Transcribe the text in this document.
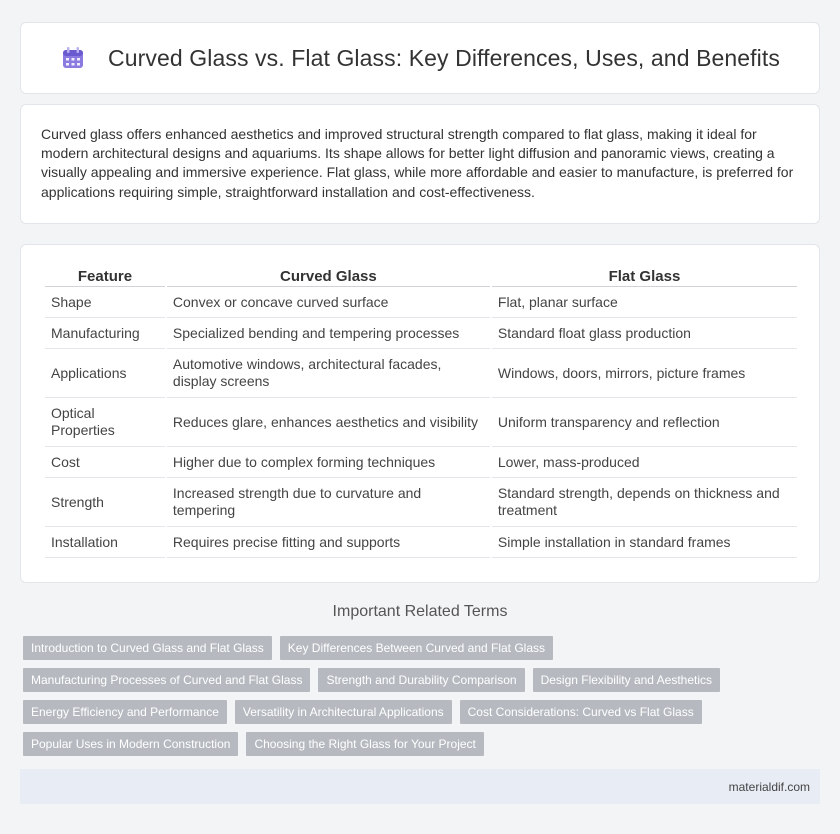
Curved Glass vs. Flat Glass: Key Differences, Uses, and Benefits

Curved glass offers enhanced aesthetics and improved structural strength compared to flat glass, making it ideal for modern architectural designs and aquariums. Its shape allows for better light diffusion and panoramic views, creating a visually appealing and immersive experience. Flat glass, while more affordable and easier to manufacture, is preferred for applications requiring simple, straightforward installation and cost-effectiveness.

Feature	Curved Glass	Flat Glass
Shape	Convex or concave curved surface	Flat, planar surface
Manufacturing	Specialized bending and tempering processes	Standard float glass production
Applications	Automotive windows, architectural facades, display screens	Windows, doors, mirrors, picture frames
Optical Properties	Reduces glare, enhances aesthetics and visibility	Uniform transparency and reflection
Cost	Higher due to complex forming techniques	Lower, mass-produced
Strength	Increased strength due to curvature and tempering	Standard strength, depends on thickness and treatment
Installation	Requires precise fitting and supports	Simple installation in standard frames
Important Related Terms
Introduction to Curved Glass and Flat Glass	Key Differences Between Curved and Flat Glass
Manufacturing Processes of Curved and Flat Glass	Strength and Durability Comparison	Design Flexibility and Aesthetics
Energy Efficiency and Performance	Versatility in Architectural Applications	Cost Considerations: Curved vs Flat Glass
Popular Uses in Modern Construction	Choosing the Right Glass for Your Project
materialdif.com
